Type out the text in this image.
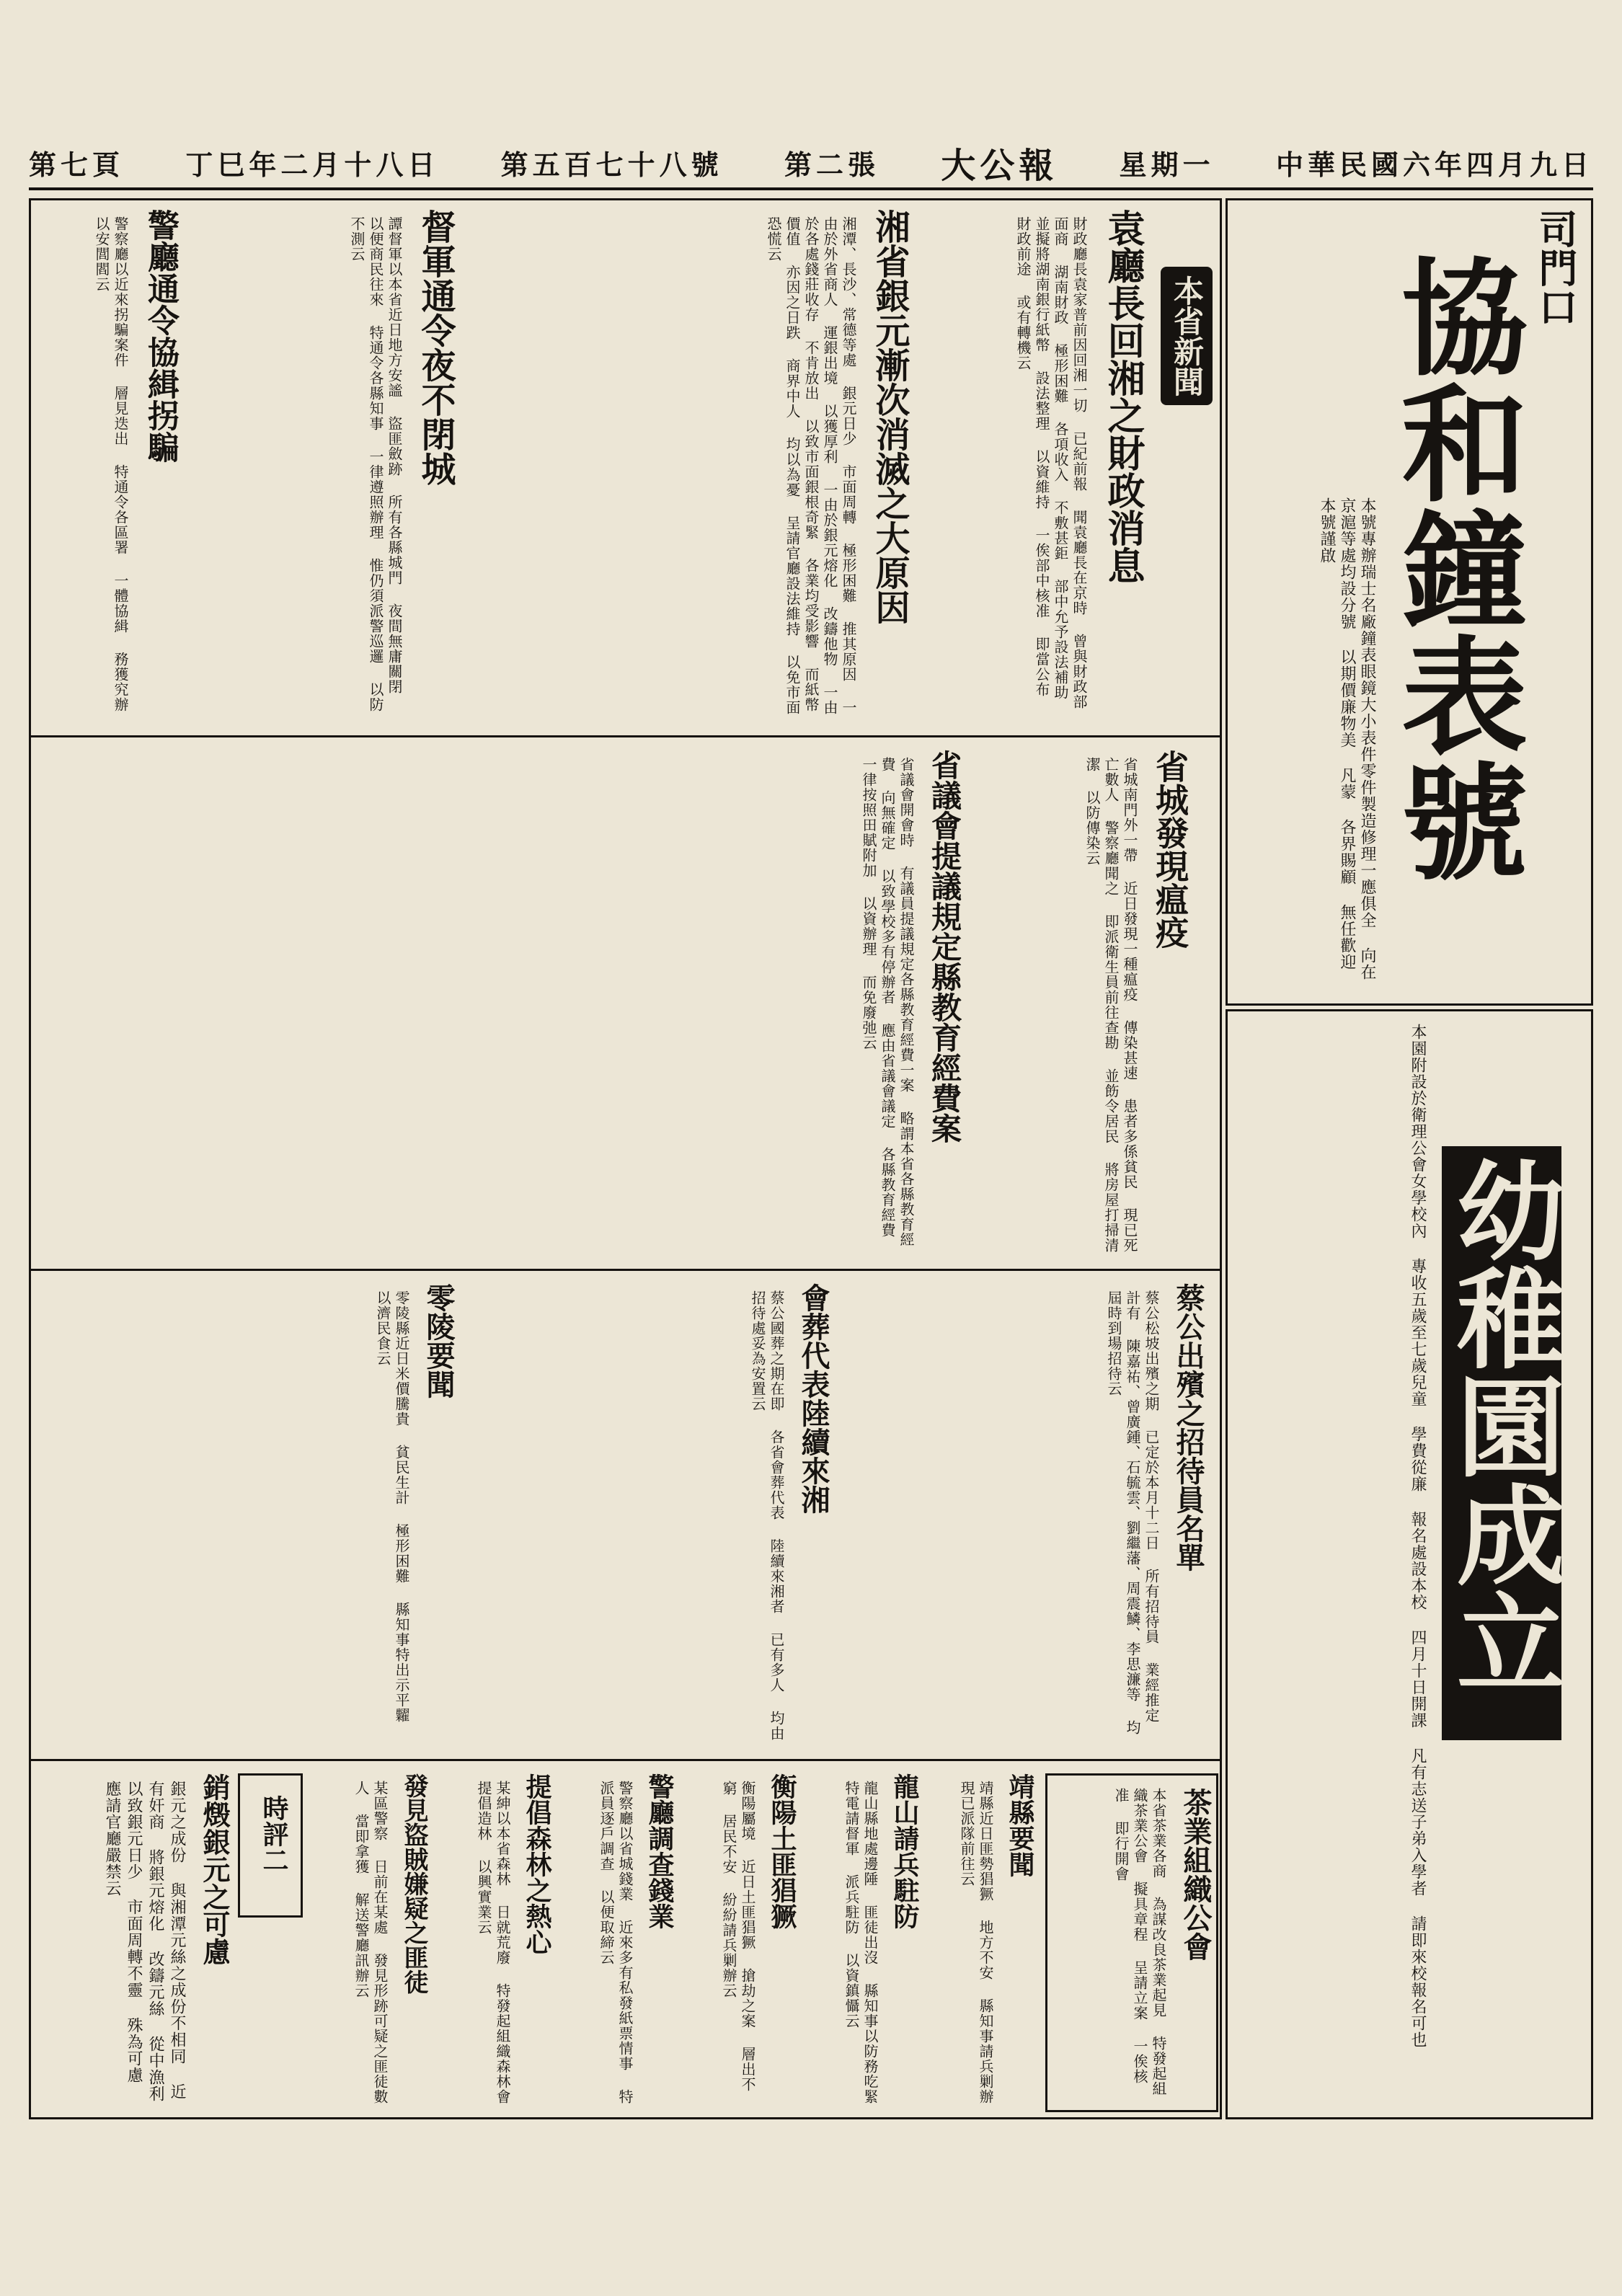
第七頁 丁巳年二月十八日 第五百七十八號 第二張 大公報 星期一 中華民國六年四月九日
司門口
協和鐘表號
本號專辦瑞士名廠鐘表眼鏡大小表件零件製造修理一應俱全 向在京滬等處均設分號 以期價廉物美 凡蒙 各界賜顧 無任歡迎 本號謹啟
幼稚園成立
本園附設於衛理公會女學校內 專收五歲至七歲兒童 學費從廉 報名處設本校 四月十日開課 凡有志送子弟入學者 請即來校報名可也
本省新聞
袁廳長回湘之財政消息
財政廳長袁家普前因回湘一切 已紀前報 聞袁廳長在京時 曾與財政部面商 湖南財政 極形困難 各項收入 不敷甚鉅 部中允予設法補助 並擬將湖南銀行紙幣 設法整理 以資維持 一俟部中核准 即當公布 財政前途 或有轉機云
湘省銀元漸次消滅之大原因
湘潭、長沙、常德等處 銀元日少 市面周轉 極形困難 推其原因 一由於外省商人 運銀出境 以獲厚利 一由於銀元熔化 改鑄他物 一由於各處錢莊收存 不肯放出 以致市面銀根奇緊 各業均受影響 而紙幣價值 亦因之日跌 商界中人 均以為憂 呈請官廳設法維持 以免市面恐慌云
督軍通令夜不閉城
譚督軍以本省近日地方安謐 盜匪斂跡 所有各縣城門 夜間無庸關閉 以便商民往來 特通令各縣知事 一律遵照辦理 惟仍須派警巡邏 以防不測云
警廳通令協緝拐騙
警察廳以近來拐騙案件 層見迭出 特通令各區署 一體協緝 務獲究辦 以安閭閻云
省城發現瘟疫
省城南門外一帶 近日發現一種瘟疫 傳染甚速 患者多係貧民 現已死亡數人 警察廳聞之 即派衛生員前往查勘 並飭令居民 將房屋打掃清潔 以防傳染云
省議會提議規定縣教育經費案
省議會開會時 有議員提議規定各縣教育經費一案 略謂本省各縣教育經費 向無確定 以致學校多有停辦者 應由省議會議定 各縣教育經費 一律按照田賦附加 以資辦理 而免廢弛云
蔡公出殯之招待員名單
蔡公松坡出殯之期 已定於本月十二日 所有招待員 業經推定 計有 陳嘉祐、曾廣鍾、石毓雲、劉繼藩、周震鱗、李思濂等 均屆時到場招待云
會葬代表陸續來湘
蔡公國葬之期在即 各省會葬代表 陸續來湘者 已有多人 均由招待處妥為安置云
零陵要聞
零陵縣近日米價騰貴 貧民生計 極形困難 縣知事特出示平糶 以濟民食云
茶業組織公會
本省茶業各商 為謀改良茶業起見 特發起組織茶業公會 擬具章程 呈請立案 一俟核准 即行開會
靖縣要聞
靖縣近日匪勢猖獗 地方不安 縣知事請兵剿辦 現已派隊前往云
龍山請兵駐防
龍山縣地處邊陲 匪徒出沒 縣知事以防務吃緊 特電請督軍 派兵駐防 以資鎮懾云
衡陽土匪猖獗
衡陽屬境 近日土匪猖獗 搶劫之案 層出不窮 居民不安 紛紛請兵剿辦云
警廳調查錢業
警察廳以省城錢業 近來多有私發紙票情事 特派員逐戶調查 以便取締云
提倡森林之熱心
某紳以本省森林 日就荒廢 特發起組織森林會 提倡造林 以興實業云
發見盜賊嫌疑之匪徒
某區警察 日前在某處 發見形跡可疑之匪徒數人 當即拿獲 解送警廳訊辦云
時評二
銷燬銀元之可慮
銀元之成份 與湘潭元絲之成份不相同 近有奸商 將銀元熔化 改鑄元絲 從中漁利 以致銀元日少 市面周轉不靈 殊為可慮 應請官廳嚴禁云
